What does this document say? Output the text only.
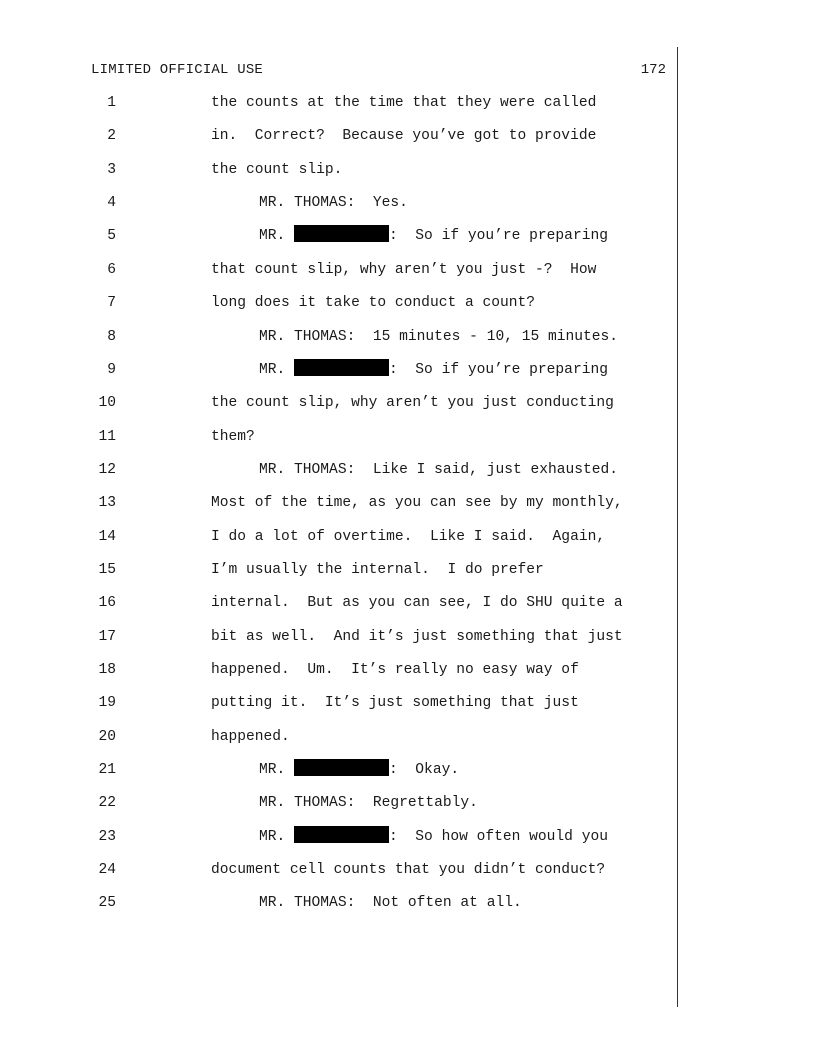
LIMITED OFFICIAL USE	172
1	the counts at the time that they were called
2	in.  Correct?  Because you’ve got to provide
3	the count slip.
4	MR. THOMAS:  Yes.
5	MR.	:  So if you’re preparing
6	that count slip, why aren’t you just -?  How
7	long does it take to conduct a count?
8	MR. THOMAS:  15 minutes - 10, 15 minutes.
9	MR.	:  So if you’re preparing
10	the count slip, why aren’t you just conducting
11	them?
12	MR. THOMAS:  Like I said, just exhausted.
13	Most of the time, as you can see by my monthly,
14	I do a lot of overtime.  Like I said.  Again,
15	I’m usually the internal.  I do prefer
16	internal.  But as you can see, I do SHU quite a
17	bit as well.  And it’s just something that just
18	happened.  Um.  It’s really no easy way of
19	putting it.  It’s just something that just
20	happened.
21	MR.	:  Okay.
22	MR. THOMAS:  Regrettably.
23	MR.	:  So how often would you
24	document cell counts that you didn’t conduct?
25	MR. THOMAS:  Not often at all.
